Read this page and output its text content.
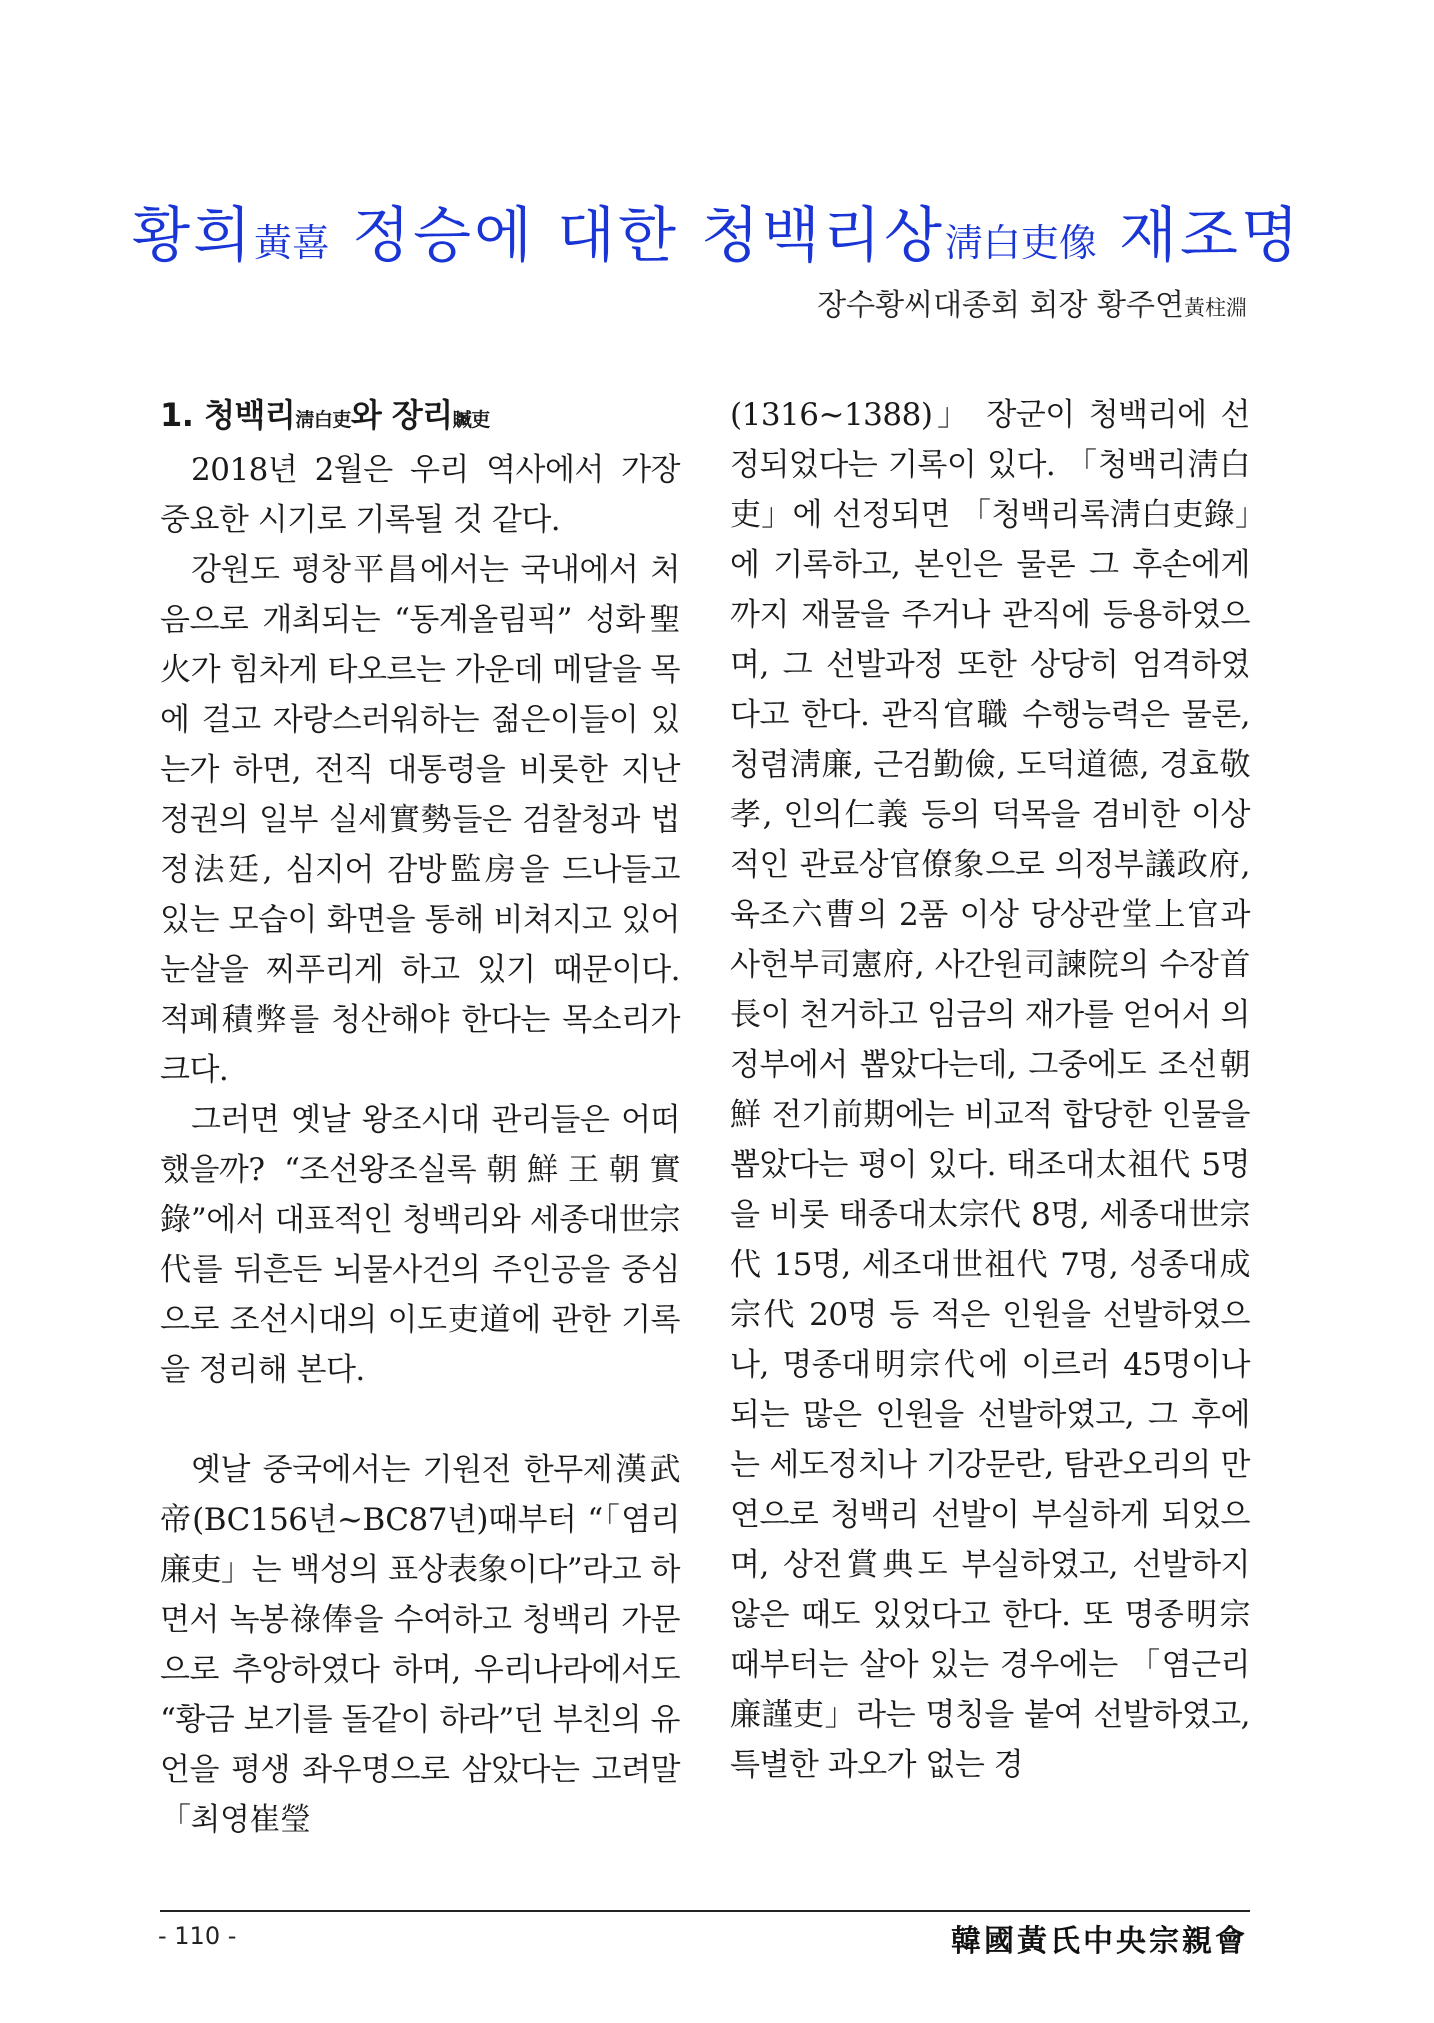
황희黃喜 정승에 대한 청백리상淸白吏像 재조명
장수황씨대종회 회장 황주연黃柱淵
1. 청백리淸白吏와 장리贓吏

2018년 2월은 우리 역사에서 가장 중요한 시기로 기록될 것 같다.

강원도 평창平昌에서는 국내에서 처음으로 개최되는 “동계올림픽” 성화聖火가 힘차게 타오르는 가운데 메달을 목에 걸고 자랑스러워하는 젊은이들이 있는가 하면, 전직 대통령을 비롯한 지난 정권의 일부 실세實勢들은 검찰청과 법정法廷, 심지어 감방監房을 드나들고 있는 모습이 화면을 통해 비쳐지고 있어 눈살을 찌푸리게 하고 있기 때문이다. 적폐積弊를 청산해야 한다는 목소리가 크다.

그러면 옛날 왕조시대 관리들은 어떠했을까? “조선왕조실록朝鮮王朝實錄”에서 대표적인 청백리와 세종대世宗代를 뒤흔든 뇌물사건의 주인공을 중심으로 조선시대의 이도吏道에 관한 기록을 정리해 본다.

옛날 중국에서는 기원전 한무제漢武帝(BC156년~BC87년)때부터 “「염리廉吏」는 백성의 표상表象이다”라고 하면서 녹봉祿俸을 수여하고 청백리 가문으로 추앙하였다 하며, 우리나라에서도 “황금 보기를 돌같이 하라”던 부친의 유언을 평생 좌우명으로 삼았다는 고려말 「최영崔瑩

(1316~1388)」 장군이 청백리에 선정되었다는 기록이 있다. 「청백리淸白吏」에 선정되면 「청백리록淸白吏錄」에 기록하고, 본인은 물론 그 후손에게까지 재물을 주거나 관직에 등용하였으며, 그 선발과정 또한 상당히 엄격하였다고 한다. 관직官職 수행능력은 물론, 청렴淸廉, 근검勤儉, 도덕道德, 경효敬孝, 인의仁義 등의 덕목을 겸비한 이상적인 관료상官僚象으로 의정부議政府, 육조六曹의 2품 이상 당상관堂上官과 사헌부司憲府, 사간원司諫院의 수장首長이 천거하고 임금의 재가를 얻어서 의정부에서 뽑았다는데, 그중에도 조선朝鮮 전기前期에는 비교적 합당한 인물을 뽑았다는 평이 있다. 태조대太祖代 5명을 비롯 태종대太宗代 8명, 세종대世宗代 15명, 세조대世祖代 7명, 성종대成宗代 20명 등 적은 인원을 선발하였으나, 명종대明宗代에 이르러 45명이나 되는 많은 인원을 선발하였고, 그 후에는 세도정치나 기강문란, 탐관오리의 만연으로 청백리 선발이 부실하게 되었으며, 상전賞典도 부실하였고, 선발하지 않은 때도 있었다고 한다. 또 명종明宗 때부터는 살아 있는 경우에는 「염근리廉謹吏」라는 명칭을 붙여 선발하였고, 특별한 과오가 없는 경

- 110 -	韓國黃氏中央宗親會
